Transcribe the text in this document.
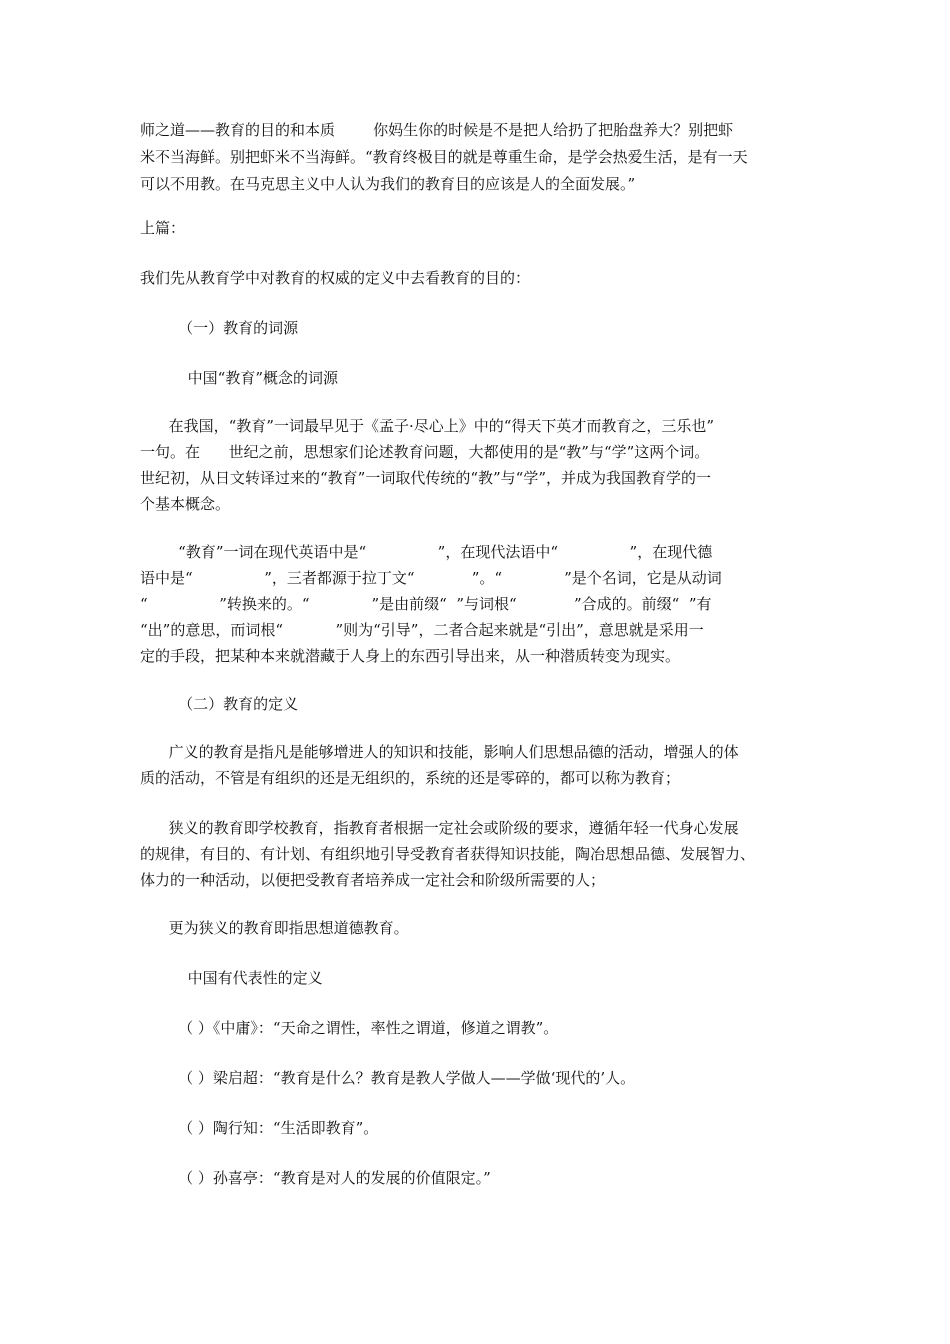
师之道——教育的目的和本质        你妈生你的时候是不是把人给扔了把胎盘养大？别把虾
米不当海鲜。别把虾米不当海鲜。“教育终极目的就是尊重生命，是学会热爱生活，是有一天
可以不用教。在马克思主义中人认为我们的教育目的应该是人的全面发展。”
上篇：
我们先从教育学中对教育的权威的定义中去看教育的目的：
（一）教育的词源
中国“教育”概念的词源
在我国，“教育”一词最早见于《孟子·尽心上》中的“得天下英才而教育之，三乐也”
一句。在      世纪之前，思想家们论述教育问题，大都使用的是“教”与“学”这两个词。
世纪初，从日文转译过来的“教育”一词取代传统的“教”与“学”，并成为我国教育学的一
个基本概念。
“教育”一词在现代英语中是“               ”，在现代法语中“               ”，在现代德
语中是“               ”，三者都源于拉丁文“            ”。“             ”是个名词，它是从动词
“               ”转换来的。“             ”是由前缀“  ”与词根“            ”合成的。前缀“  ”有
“出”的意思，而词根“           ”则为“引导”，二者合起来就是“引出”，意思就是采用一
定的手段，把某种本来就潜藏于人身上的东西引导出来，从一种潜质转变为现实。
（二）教育的定义
广义的教育是指凡是能够增进人的知识和技能，影响人们思想品德的活动，增强人的体
质的活动，不管是有组织的还是无组织的，系统的还是零碎的，都可以称为教育；
狭义的教育即学校教育，指教育者根据一定社会或阶级的要求，遵循年轻一代身心发展
的规律，有目的、有计划、有组织地引导受教育者获得知识技能，陶冶思想品德、发展智力、
体力的一种活动，以便把受教育者培养成一定社会和阶级所需要的人；
更为狭义的教育即指思想道德教育。
中国有代表性的定义
（ ）《中庸》：“天命之谓性，率性之谓道，修道之谓教”。
（ ）梁启超：“教育是什么？教育是教人学做人——学做‘现代的’人。
（ ）陶行知：“生活即教育”。
（ ）孙喜亭：“教育是对人的发展的价值限定。”
